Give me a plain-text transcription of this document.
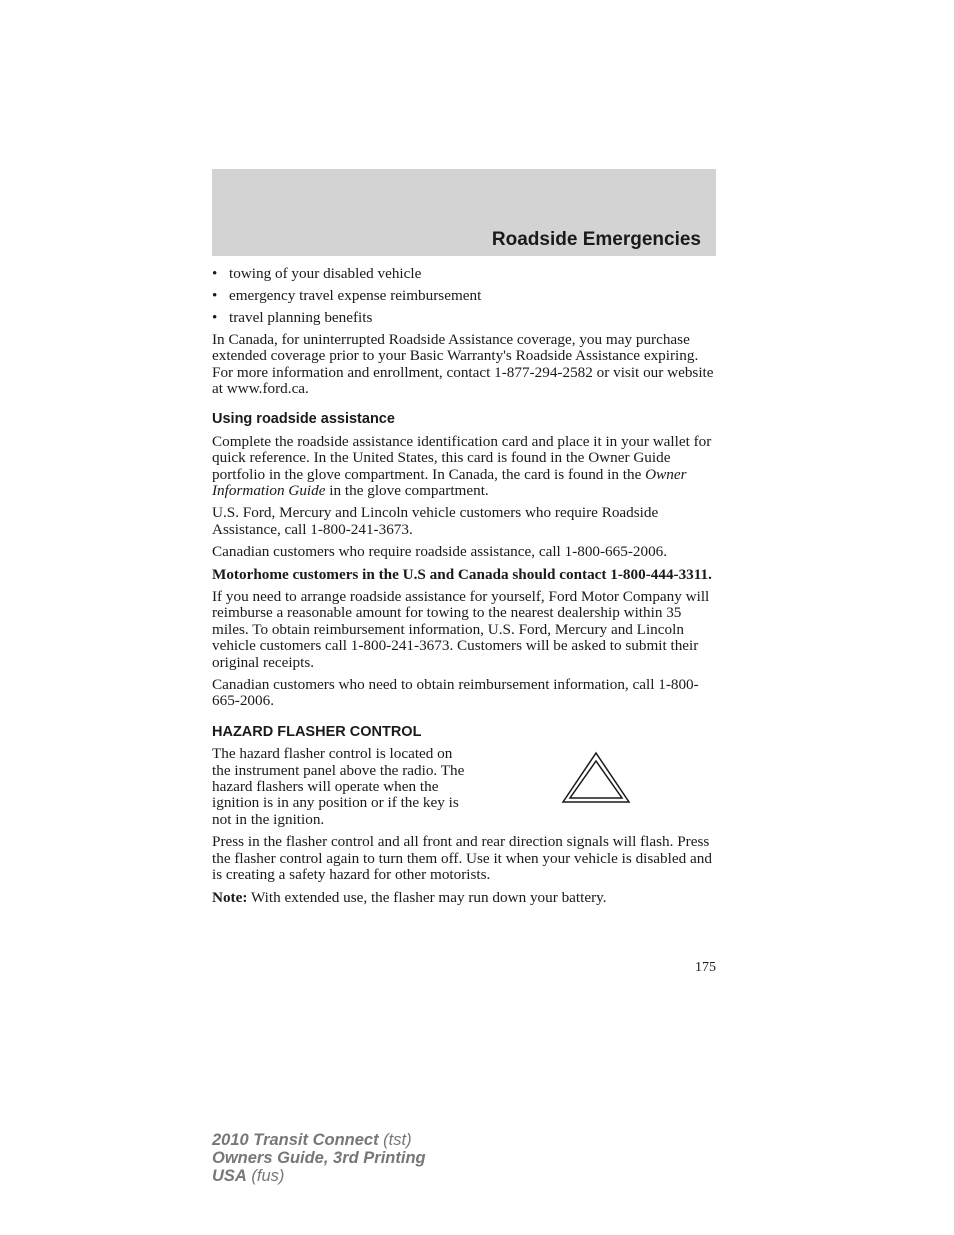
Roadside Emergencies
• towing of your disabled vehicle
• emergency travel expense reimbursement
• travel planning benefits

In Canada, for uninterrupted Roadside Assistance coverage, you may purchase extended coverage prior to your Basic Warranty's Roadside Assistance expiring. For more information and enrollment, contact 1-877-294-2582 or visit our website at www.ford.ca.

Using roadside assistance

Complete the roadside assistance identification card and place it in your wallet for quick reference. In the United States, this card is found in the Owner Guide portfolio in the glove compartment. In Canada, the card is found in the Owner Information Guide in the glove compartment.

U.S. Ford, Mercury and Lincoln vehicle customers who require Roadside Assistance, call 1-800-241-3673.

Canadian customers who require roadside assistance, call 1-800-665-2006.

Motorhome customers in the U.S and Canada should contact 1-800-444-3311.

If you need to arrange roadside assistance for yourself, Ford Motor Company will reimburse a reasonable amount for towing to the nearest dealership within 35 miles. To obtain reimbursement information, U.S. Ford, Mercury and Lincoln vehicle customers call 1-800-241-3673. Customers will be asked to submit their original receipts.

Canadian customers who need to obtain reimbursement information, call 1-800-665-2006.

HAZARD FLASHER CONTROL
The hazard flasher control is located on the instrument panel above the radio. The hazard flashers will operate when the ignition is in any position or if the key is not in the ignition.

Press in the flasher control and all front and rear direction signals will flash. Press the flasher control again to turn them off. Use it when your vehicle is disabled and is creating a safety hazard for other motorists.

Note: With extended use, the flasher may run down your battery.

175
2010 Transit Connect (tst)
Owners Guide, 3rd Printing
USA (fus)
